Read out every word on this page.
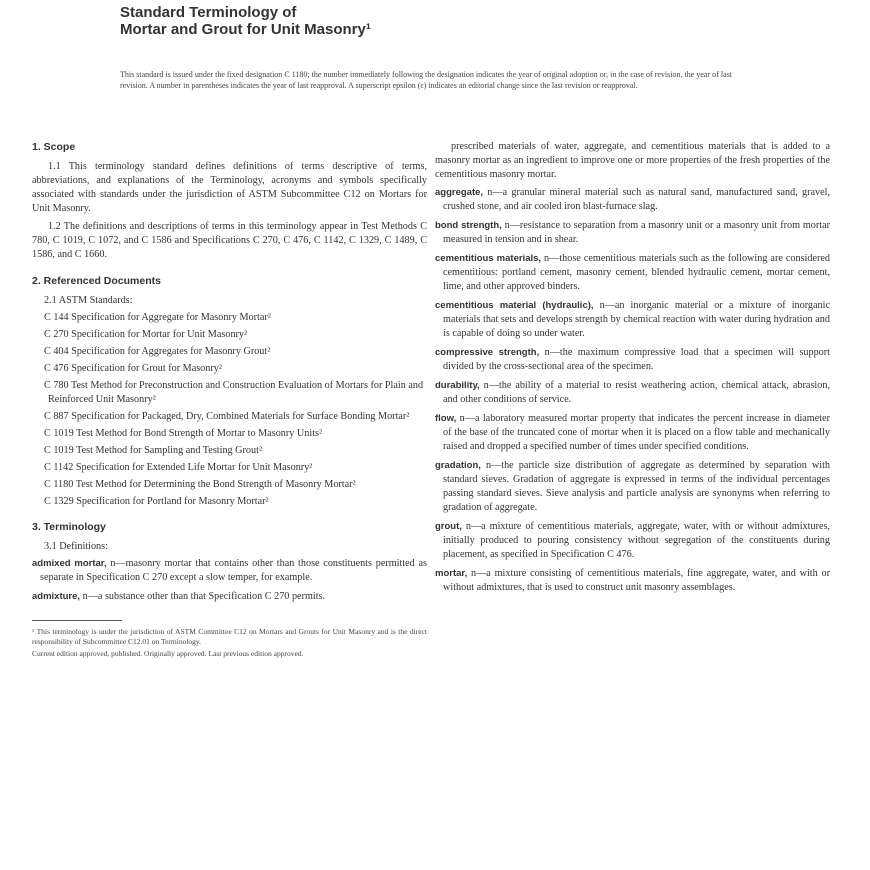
Standard Terminology of
Mortar and Grout for Unit Masonry¹
This standard is issued under the fixed designation C 1180; the number immediately following the designation indicates the year of original adoption or, in the case of revision, the year of last revision. A number in parentheses indicates the year of last reapproval. A superscript epsilon (ε) indicates an editorial change since the last revision or reapproval.
1. Scope
1.1 This terminology standard defines definitions of terms descriptive of terms, abbreviations, and explanations of the Terminology, acronyms and symbols specifically associated with standards under the jurisdiction of ASTM Subcommittee C12 on Mortars for Unit Masonry.
1.2 The definitions and descriptions of terms in this terminology appear in Test Methods C 780, C 1019, C 1072, and C 1586 and Specifications C 270, C 476, C 1142, C 1329, C 1489, C 1586, and C 1660.
2. Referenced Documents
2.1 ASTM Standards:
C 144 Specification for Aggregate for Masonry Mortar²
C 270 Specification for Mortar for Unit Masonry²
C 404 Specification for Aggregates for Masonry Grout²
C 476 Specification for Grout for Masonry²
C 780 Test Method for Preconstruction and Construction Evaluation of Mortars for Plain and Reinforced Unit Masonry²
C 887 Specification for Packaged, Dry, Combined Materials for Surface Bonding Mortar²
C 1019 Test Method for Bond Strength of Mortar to Masonry Units²
C 1019 Test Method for Sampling and Testing Grout²
C 1142 Specification for Extended Life Mortar for Unit Masonry²
C 1180 Test Method for Determining the Bond Strength of Masonry Mortar²
C 1329 Specification for Portland for Masonry Mortar²
3. Terminology
3.1 Definitions:
admixed mortar, n—masonry mortar that contains other than those constituents permitted as separate in Specification C 270 except a slow temper, for example.
admixture, n—a substance other than that Specification C 270 permits.
¹ This terminology is under the jurisdiction of ASTM Committee C12 on Mortars and Grouts for Unit Masonry and is the direct responsibility of Subcommittee C12.01 on Terminology.
Current edition approved, published. Originally approved. Last previous edition approved.
prescribed materials of water, aggregate, and cementitious materials that is added to a masonry mortar as an ingredient to improve one or more properties of the fresh properties of the cementitious masonry mortar.
aggregate, n—a granular mineral material such as natural sand, manufactured sand, gravel, crushed stone, and air cooled iron blast-furnace slag.
bond strength, n—resistance to separation from a masonry unit or a masonry unit from mortar measured in tension and in shear.
cementitious materials, n—those cementitious materials such as the following are considered cementitious: portland cement, masonry cement, blended hydraulic cement, mortar cement, lime, and other approved binders.
cementitious material (hydraulic), n—an inorganic material or a mixture of inorganic materials that sets and develops strength by chemical reaction with water during hydration and is capable of doing so under water.
compressive strength, n—the maximum compressive load that a specimen will support divided by the cross-sectional area of the specimen.
durability, n—the ability of a material to resist weathering action, chemical attack, abrasion, and other conditions of service.
flow, n—a laboratory measured mortar property that indicates the percent increase in diameter of the base of the truncated cone of mortar when it is placed on a flow table and mechanically raised and dropped a specified number of times under specified conditions.
gradation, n—the particle size distribution of aggregate as determined by separation with standard sieves. Gradation of aggregate is expressed in terms of the individual percentages passing standard sieves. Sieve analysis and particle analysis are synonyms when referring to gradation of aggregate.
grout, n—a mixture of cementitious materials, aggregate, water, with or without admixtures, initially produced to pouring consistency without segregation of the constituents during placement, as specified in Specification C 476.
mortar, n—a mixture consisting of cementitious materials, fine aggregate, water, and with or without admixtures, that is used to construct unit masonry assemblages.
